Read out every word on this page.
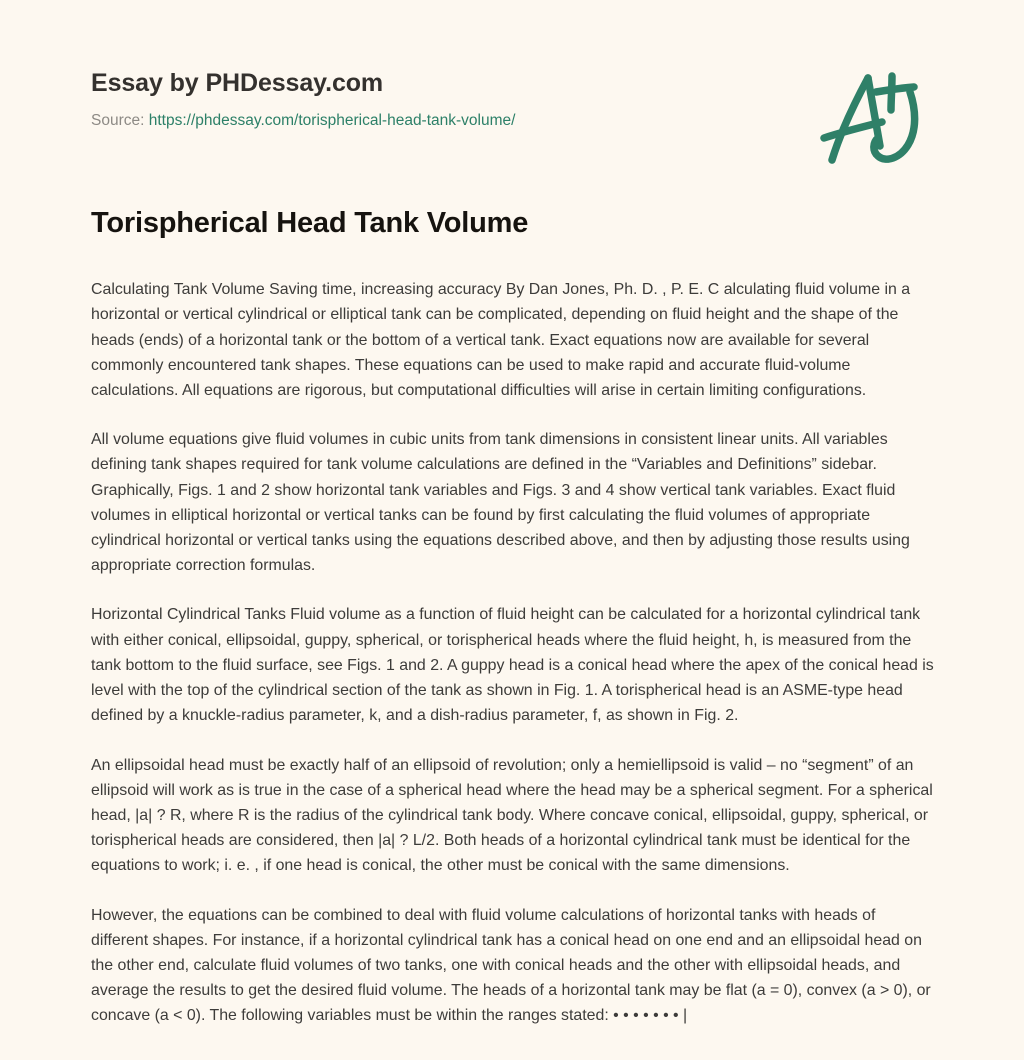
Essay by PHDessay.com
Source: https://phdessay.com/torispherical-head-tank-volume/
Torispherical Head Tank Volume

Calculating Tank Volume Saving time, increasing accuracy By Dan Jones, Ph. D. , P. E. C alculating fluid volume in a horizontal or vertical cylindrical or elliptical tank can be complicated, depending on fluid height and the shape of the heads (ends) of a horizontal tank or the bottom of a vertical tank. Exact equations now are available for several commonly encountered tank shapes. These equations can be used to make rapid and accurate fluid-volume calculations. All equations are rigorous, but computational difficulties will arise in certain limiting configurations.

All volume equations give fluid volumes in cubic units from tank dimensions in consistent linear units. All variables defining tank shapes required for tank volume calculations are defined in the “Variables and Definitions” sidebar. Graphically, Figs. 1 and 2 show horizontal tank variables and Figs. 3 and 4 show vertical tank variables. Exact fluid volumes in elliptical horizontal or vertical tanks can be found by first calculating the fluid volumes of appropriate cylindrical horizontal or vertical tanks using the equations described above, and then by adjusting those results using appropriate correction formulas.

Horizontal Cylindrical Tanks Fluid volume as a function of fluid height can be calculated for a horizontal cylindrical tank with either conical, ellipsoidal, guppy, spherical, or torispherical heads where the fluid height, h, is measured from the tank bottom to the fluid surface, see Figs. 1 and 2. A guppy head is a conical head where the apex of the conical head is level with the top of the cylindrical section of the tank as shown in Fig. 1. A torispherical head is an ASME-type head defined by a knuckle-radius parameter, k, and a dish-radius parameter, f, as shown in Fig. 2.

An ellipsoidal head must be exactly half of an ellipsoid of revolution; only a hemiellipsoid is valid – no “segment” of an ellipsoid will work as is true in the case of a spherical head where the head may be a spherical segment. For a spherical head, |a| ? R, where R is the radius of the cylindrical tank body. Where concave conical, ellipsoidal, guppy, spherical, or torispherical heads are considered, then |a| ? L/2. Both heads of a horizontal cylindrical tank must be identical for the equations to work; i. e. , if one head is conical, the other must be conical with the same dimensions.

However, the equations can be combined to deal with fluid volume calculations of horizontal tanks with heads of different shapes. For instance, if a horizontal cylindrical tank has a conical head on one end and an ellipsoidal head on the other end, calculate fluid volumes of two tanks, one with conical heads and the other with ellipsoidal heads, and average the results to get the desired fluid volume. The heads of a horizontal tank may be flat (a = 0), convex (a > 0), or concave (a < 0). The following variables must be within the ranges stated: • • • • • • • |
